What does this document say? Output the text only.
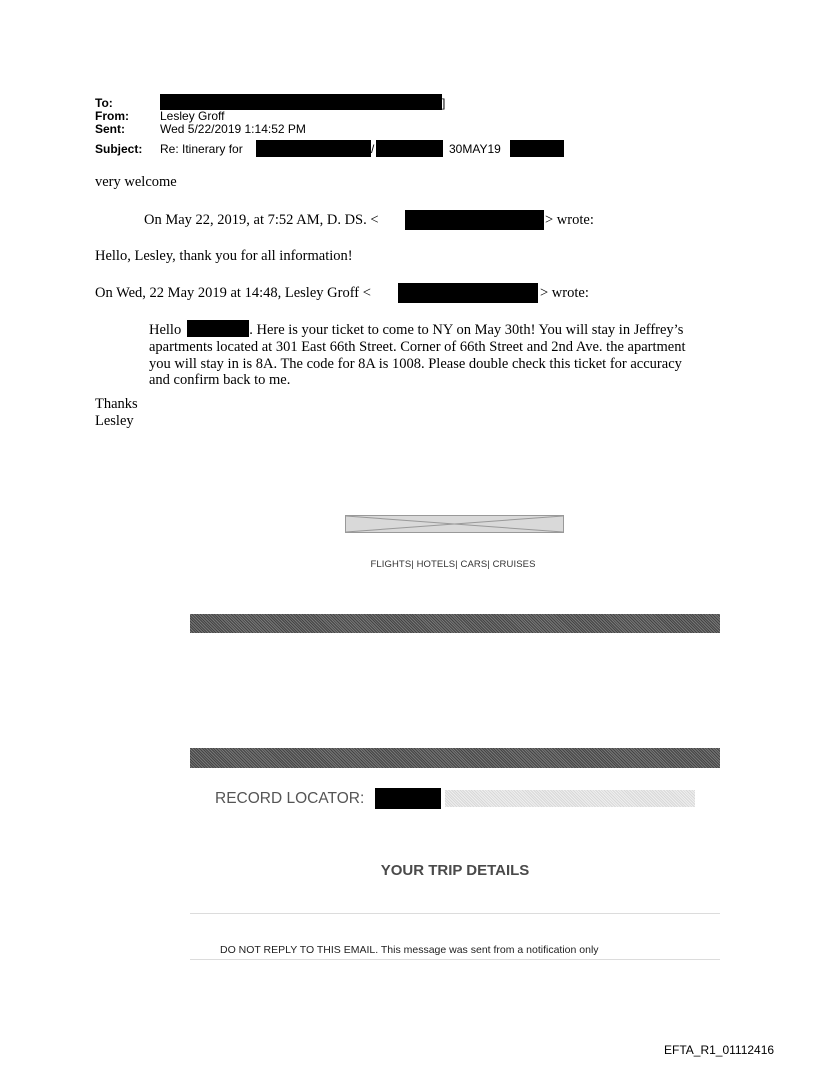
To:	]
From:	Lesley Groff
Sent:	Wed 5/22/2019 1:14:52 PM
Subject: Re: Itinerary for	/	30MAY19
very welcome
On May 22, 2019, at 7:52 AM, D. DS. <	> wrote:
Hello, Lesley, thank you for all information!
On Wed, 22 May 2019 at 14:48, Lesley Groff <	> wrote:
Hello	. Here is your ticket to come to NY on May 30th! You will stay in Jeffrey’s apartments located at 301 East 66th Street. Corner of 66th Street and 2nd Ave. the apartment you will stay in is 8A. The code for 8A is 1008. Please double check this ticket for accuracy and confirm back to me.
Thanks
Lesley
FLIGHTS| HOTELS| CARS| CRUISES
RECORD LOCATOR:
YOUR TRIP DETAILS
DO NOT REPLY TO THIS EMAIL. This message was sent from a notification only
EFTA_R1_01112416
